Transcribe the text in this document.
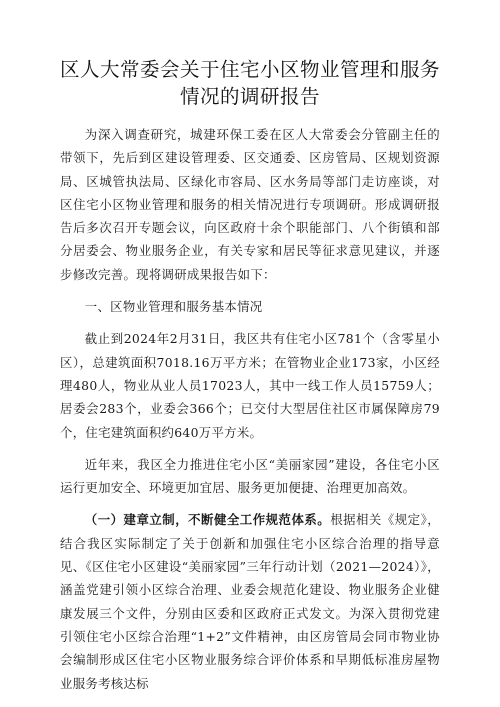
区人大常委会关于住宅小区物业管理和服务
情况的调研报告

为深入调查研究，城建环保工委在区人大常委会分管副主任的带领下，先后到区建设管理委、区交通委、区房管局、区规划资源局、区城管执法局、区绿化市容局、区水务局等部门走访座谈，对区住宅小区物业管理和服务的相关情况进行专项调研。形成调研报告后多次召开专题会议，向区政府十余个职能部门、八个街镇和部分居委会、物业服务企业，有关专家和居民等征求意见建议，并逐步修改完善。现将调研成果报告如下：

一、区物业管理和服务基本情况

截止到2024年2月31日，我区共有住宅小区781个（含零星小区），总建筑面积7018.16万平方米；在管物业企业173家，小区经理480人，物业从业人员17023人，其中一线工作人员15759人；居委会283个，业委会366个；已交付大型居住社区市属保障房79个，住宅建筑面积约640万平方米。

近年来，我区全力推进住宅小区“美丽家园”建设，各住宅小区运行更加安全、环境更加宜居、服务更加便捷、治理更加高效。

（一）建章立制，不断健全工作规范体系。根据相关《规定》，结合我区实际制定了关于创新和加强住宅小区综合治理的指导意见、《区住宅小区建设“美丽家园”三年行动计划（2021—2024）》，涵盖党建引领小区综合治理、业委会规范化建设、物业服务企业健康发展三个文件，分别由区委和区政府正式发文。为深入贯彻党建引领住宅小区综合治理“1+2”文件精神，由区房管局会同市物业协会编制形成区住宅小区物业服务综合评价体系和早期低标准房屋物业服务考核达标
